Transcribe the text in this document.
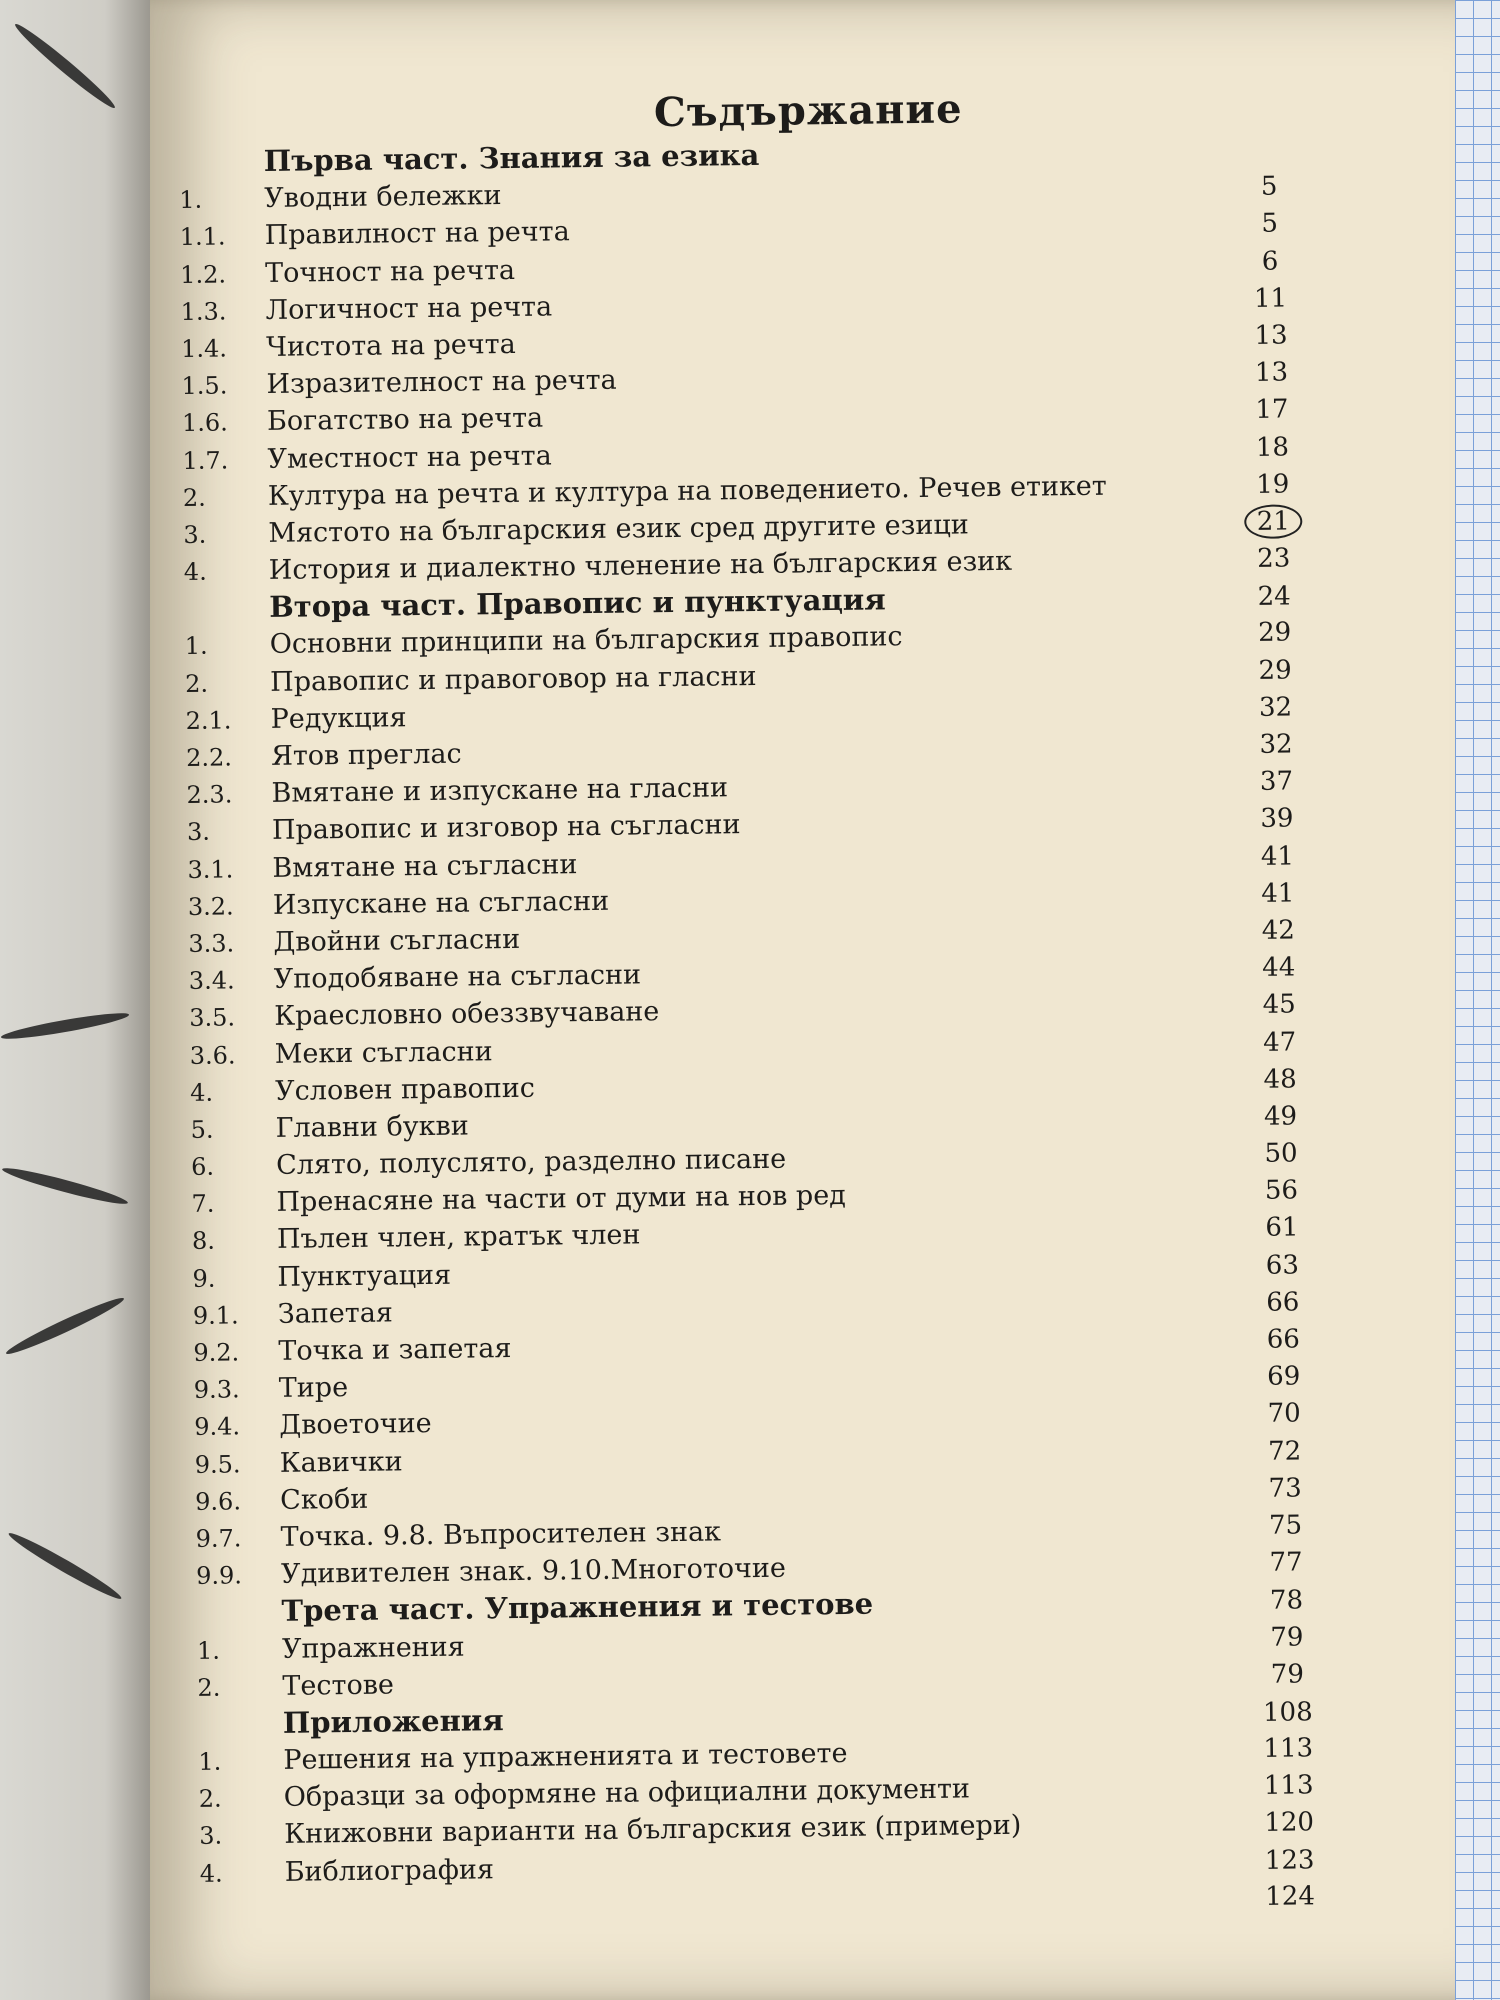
Съдържание
Първа част. Знания за езика
1.	Уводни бележки	5
1.1.	Правилност на речта	5
1.2.	Точност на речта	6
1.3.	Логичност на речта	11
1.4.	Чистота на речта	13
1.5.	Изразителност на речта	13
1.6.	Богатство на речта	17
1.7.	Уместност на речта	18
2.	Култура на речта и култура на поведението. Речев етикет	19
3.	Мястото на българския език сред другите езици	21
4.	История и диалектно членение на българския език	23
Втора част. Правопис и пунктуация	24
1.	Основни принципи на българския правопис	29
2.	Правопис и правоговор на гласни	29
2.1.	Редукция	32
2.2.	Ятов преглас	32
2.3.	Вмятане и изпускане на гласни	37
3.	Правопис и изговор на съгласни	39
3.1.	Вмятане на съгласни	41
3.2.	Изпускане на съгласни	41
3.3.	Двойни съгласни	42
3.4.	Уподобяване на съгласни	44
3.5.	Краесловно обеззвучаване	45
3.6.	Меки съгласни	47
4.	Условен правопис	48
5.	Главни букви	49
6.	Слято, полуслято, разделно писане	50
7.	Пренасяне на части от думи на нов ред	56
8.	Пълен член, кратък член	61
9.	Пунктуация	63
9.1.	Запетая	66
9.2.	Точка и запетая	66
9.3.	Тире	69
9.4.	Двоеточие	70
9.5.	Кавички	72
9.6.	Скоби	73
9.7.	Точка. 9.8. Въпросителен знак	75
9.9.	Удивителен знак. 9.10.Многоточие	77
Трета част. Упражнения и тестове	78
1.	Упражнения	79
2.	Тестове	79
Приложения	108
1.	Решения на упражненията и тестовете	113
2.	Образци за оформяне на официални документи	113
3.	Книжовни варианти на българския език (примери)	120
4.	Библиография	123
124
